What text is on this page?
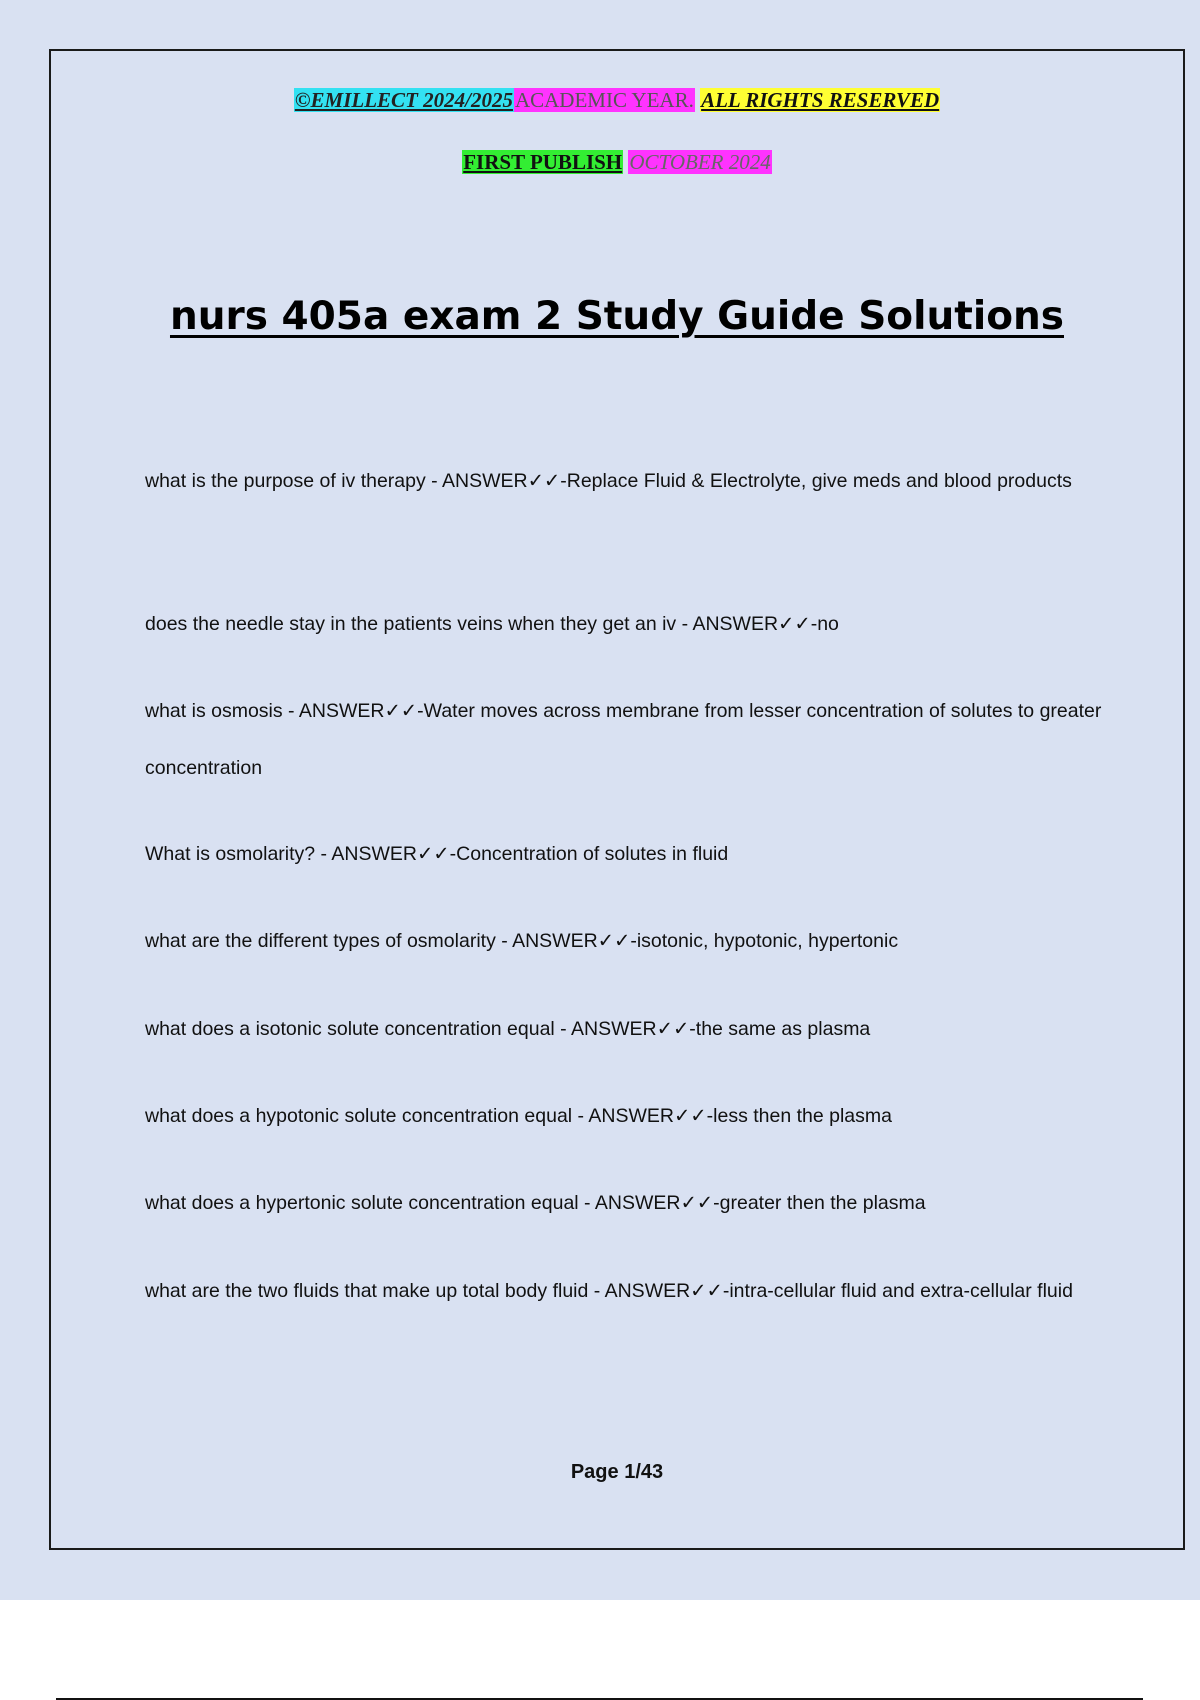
©EMILLECT 2024/2025ACADEMIC YEAR. ALL RIGHTS RESERVED
FIRST PUBLISH OCTOBER 2024
nurs 405a exam 2 Study Guide Solutions
what is the purpose of iv therapy - ANSWER✓✓-Replace Fluid & Electrolyte, give meds and blood products
does the needle stay in the patients veins when they get an iv - ANSWER✓✓-no
what is osmosis - ANSWER✓✓-Water moves across membrane from lesser concentration of solutes to greater concentration
What is osmolarity? - ANSWER✓✓-Concentration of solutes in fluid
what are the different types of osmolarity - ANSWER✓✓-isotonic, hypotonic, hypertonic
what does a isotonic solute concentration equal - ANSWER✓✓-the same as plasma
what does a hypotonic solute concentration equal - ANSWER✓✓-less then the plasma
what does a hypertonic solute concentration equal - ANSWER✓✓-greater then the plasma
what are the two fluids that make up total body fluid - ANSWER✓✓-intra-cellular fluid and extra-cellular fluid
Page 1/43
